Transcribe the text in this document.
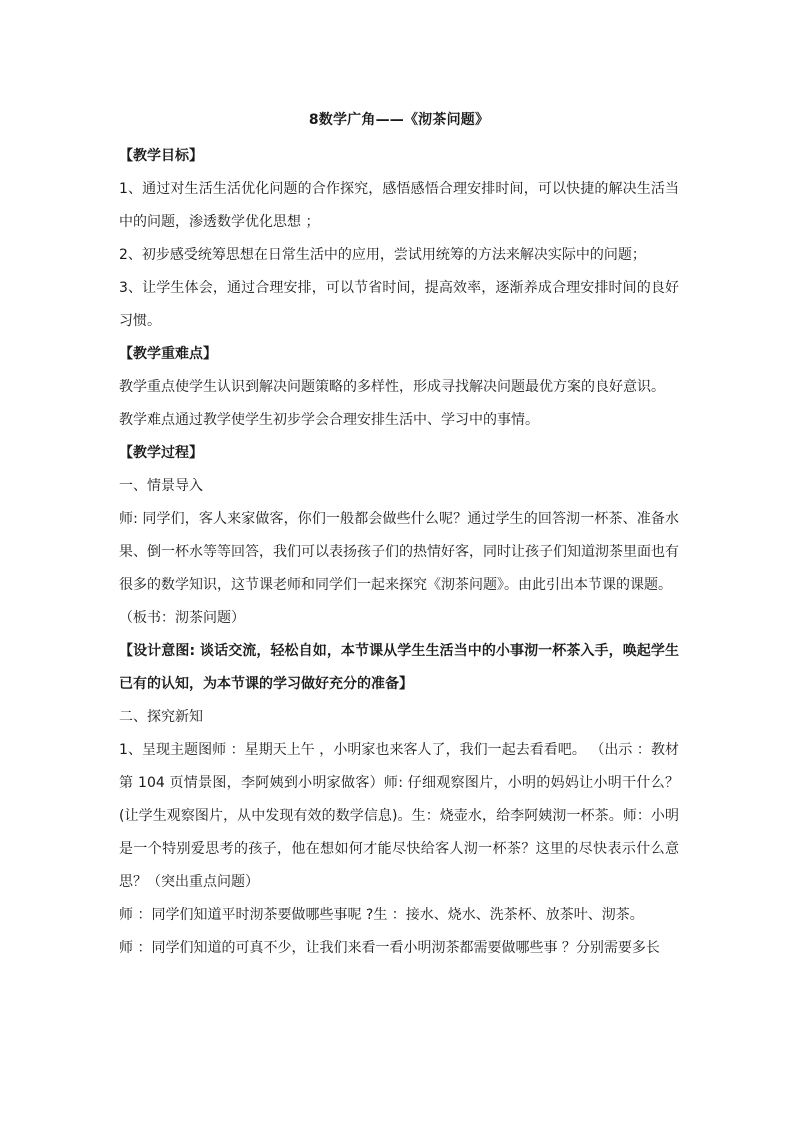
8数学广角——《沏茶问题》

【教学目标】

1、通过对生活生活优化问题的合作探究，感悟感悟合理安排时间，可以快捷的解决生活当中的问题，渗透数学优化思想 ；

2、初步感受统筹思想在日常生活中的应用，尝试用统筹的方法来解决实际中的问题；

3、让学生体会，通过合理安排，可以节省时间，提高效率，逐渐养成合理安排时间的良好习惯。

【教学重难点】

教学重点使学生认识到解决问题策略的多样性，形成寻找解决问题最优方案的良好意识。

教学难点通过教学使学生初步学会合理安排生活中、学习中的事情。

【教学过程】

一、情景导入

师: 同学们，客人来家做客，你们一般都会做些什么呢？通过学生的回答沏一杯茶、准备水果、倒一杯水等等回答，我们可以表扬孩子们的热情好客，同时让孩子们知道沏茶里面也有很多的数学知识，这节课老师和同学们一起来探究《沏茶问题》。由此引出本节课的课题。

（板书：沏茶问题）

【设计意图: 谈话交流，轻松自如，本节课从学生生活当中的小事沏一杯茶入手，唤起学生已有的认知，为本节课的学习做好充分的准备】

二、探究新知

1、呈现主题图师 ：星期天上午 ，小明家也来客人了，我们一起去看看吧。 （出示 ：教材第 104 页情景图，李阿姨到小明家做客）师: 仔细观察图片，小明的妈妈让小明干什么？(让学生观察图片，从中发现有效的数学信息)。生：烧壶水，给李阿姨沏一杯茶。师：小明是一个特别爱思考的孩子，他在想如何才能尽快给客人沏一杯茶？这里的尽快表示什么意思？（突出重点问题）

师 ：同学们知道平时沏茶要做哪些事呢 ?生 ：接水、烧水、洗茶杯、放茶叶、沏茶。

师 ：同学们知道的可真不少，让我们来看一看小明沏茶都需要做哪些事 ？分别需要多长
